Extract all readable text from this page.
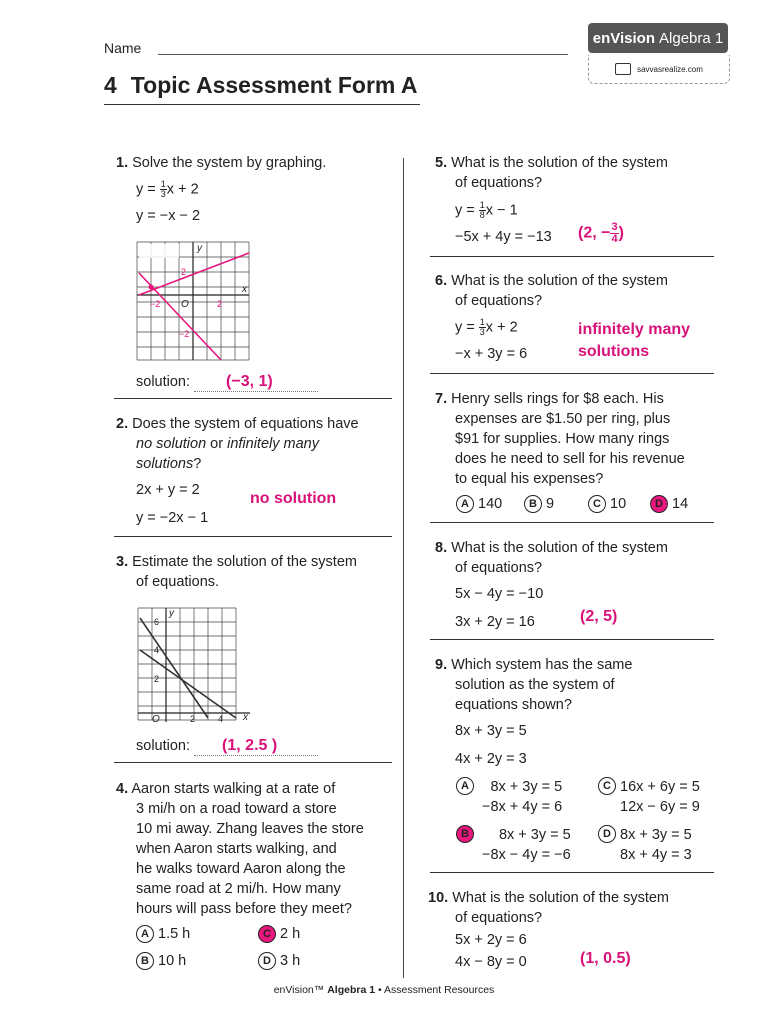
Name
enVision Algebra 1
savvasrealize.com
4 Topic Assessment Form A
1. Solve the system by graphing.
$y = \frac{1}{3}$ x + 2
y = −x − 2
x
y
−2	2
O
2
−2
solution: (−3, 1)
2. Does the system of equations have
no solution or infinitely many
solutions?
2x + y = 2	no solution
y = −2x − 1
3. Estimate the solution of the system
of equations.
x
y
O	2	4
2
4
6
solution: (1, 2.5 )
4. Aaron starts walking at a rate of
3 mi/h on a road toward a store
10 mi away. Zhang leaves the store
when Aaron starts walking, and
he walks toward Aaron along the
same road at 2 mi/h. How many
hours will pass before they meet?
A 1.5 h	C 2 h
B 10 h	D 3 h
5. What is the solution of the system
of equations?
$y = \frac{1}{8}$ x − 1
−5x + 4y = −13 (2, − $\frac{3}{4}$ )
6. What is the solution of the system
of equations?
$y = \frac{1}{3}$ x + 2
−x + 3y = 6
infinitely many
solutions
7. Henry sells rings for $8 each. His
expenses are $1.50 per ring, plus
$91 for supplies. How many rings
does he need to sell for his revenue
to equal his expenses?
A 140	B 9	C 10	D 14
8. What is the solution of the system
of equations?
5x − 4y = −10
3x + 2y = 16	(2, 5)
9. Which system has the same
solution as the system of
equations shown?
8x + 3y = 5
4x + 2y = 3
A	8x + 3y = 5
−8x + 4y = 6
C 16x + 6y = 5
12x − 6y = 9
B	8x + 3y = 5
−8x − 4y = −6
D 8x + 3y = 5
8x + 4y = 3
10. What is the solution of the system
of equations?
5x + 2y = 6
4x − 8y = 0	(1, 0.5)
enVision™ Algebra 1 • Assessment Resources
